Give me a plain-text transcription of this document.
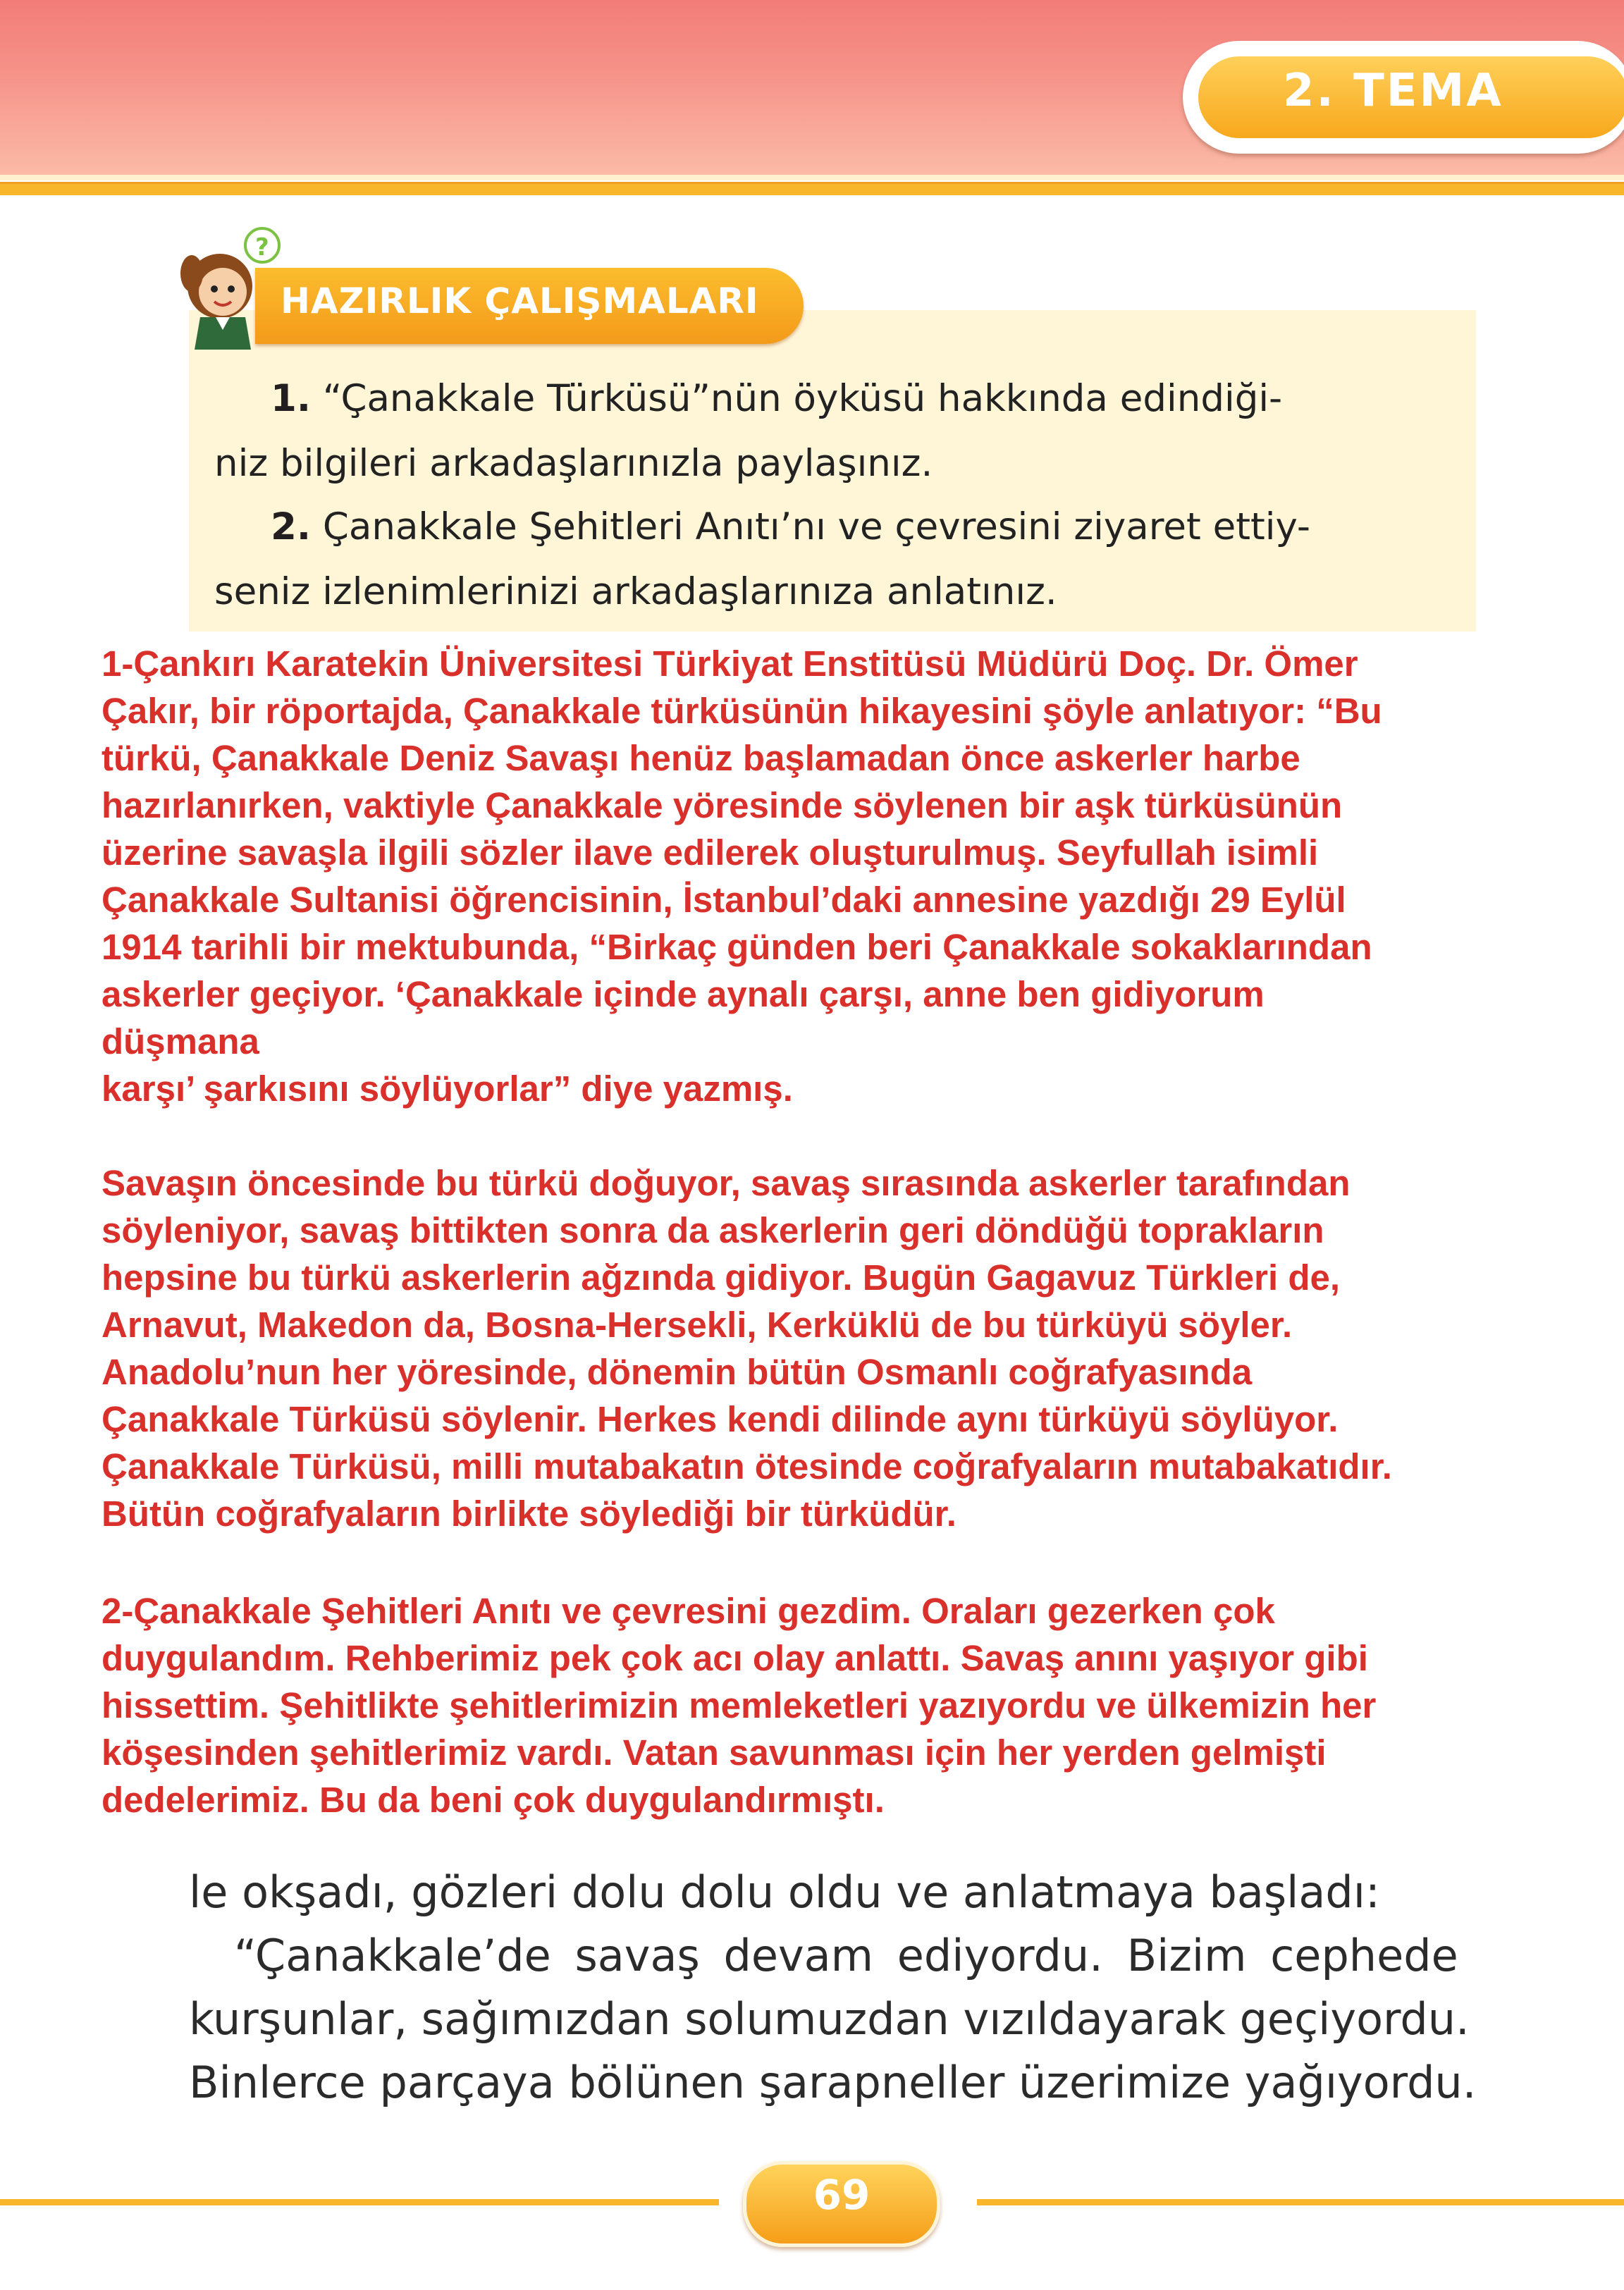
2. TEMA
HAZIRLIK ÇALIŞMALARI
?
1. “Çanakkale Türküsü”nün öyküsü hakkında edindiği-
niz bilgileri arkadaşlarınızla paylaşınız.
2. Çanakkale Şehitleri Anıtı’nı ve çevresini ziyaret ettiy-
seniz izlenimlerinizi arkadaşlarınıza anlatınız.

1-Çankırı Karatekin Üniversitesi Türkiyat Enstitüsü Müdürü Doç. Dr. Ömer

Çakır, bir röportajda, Çanakkale türküsünün hikayesini şöyle anlatıyor: “Bu

türkü, Çanakkale Deniz Savaşı henüz başlamadan önce askerler harbe

hazırlanırken, vaktiyle Çanakkale yöresinde söylenen bir aşk türküsünün

üzerine savaşla ilgili sözler ilave edilerek oluşturulmuş. Seyfullah isimli

Çanakkale Sultanisi öğrencisinin, İstanbul’daki annesine yazdığı 29 Eylül

1914 tarihli bir mektubunda, “Birkaç günden beri Çanakkale sokaklarından

askerler geçiyor. ‘Çanakkale içinde aynalı çarşı, anne ben gidiyorum

düşmana

karşı’ şarkısını söylüyorlar” diye yazmış.

Savaşın öncesinde bu türkü doğuyor, savaş sırasında askerler tarafından

söyleniyor, savaş bittikten sonra da askerlerin geri döndüğü toprakların

hepsine bu türkü askerlerin ağzında gidiyor. Bugün Gagavuz Türkleri de,

Arnavut, Makedon da, Bosna-Hersekli, Kerküklü de bu türküyü söyler.

Anadolu’nun her yöresinde, dönemin bütün Osmanlı coğrafyasında

Çanakkale Türküsü söylenir. Herkes kendi dilinde aynı türküyü söylüyor.

Çanakkale Türküsü, milli mutabakatın ötesinde coğrafyaların mutabakatıdır.

Bütün coğrafyaların birlikte söylediği bir türküdür.

2-Çanakkale Şehitleri Anıtı ve çevresini gezdim. Oraları gezerken çok

duygulandım. Rehberimiz pek çok acı olay anlattı. Savaş anını yaşıyor gibi

hissettim. Şehitlikte şehitlerimizin memleketleri yazıyordu ve ülkemizin her

köşesinden şehitlerimiz vardı. Vatan savunması için her yerden gelmişti

dedelerimiz. Bu da beni çok duygulandırmıştı.

le okşadı, gözleri dolu dolu oldu ve anlatmaya başladı:
“Çanakkale’de savaş devam ediyordu. Bizim cephede
kurşunlar, sağımızdan solumuzdan vızıldayarak geçiyordu.
Binlerce parçaya bölünen şarapneller üzerimize yağıyordu.
69
